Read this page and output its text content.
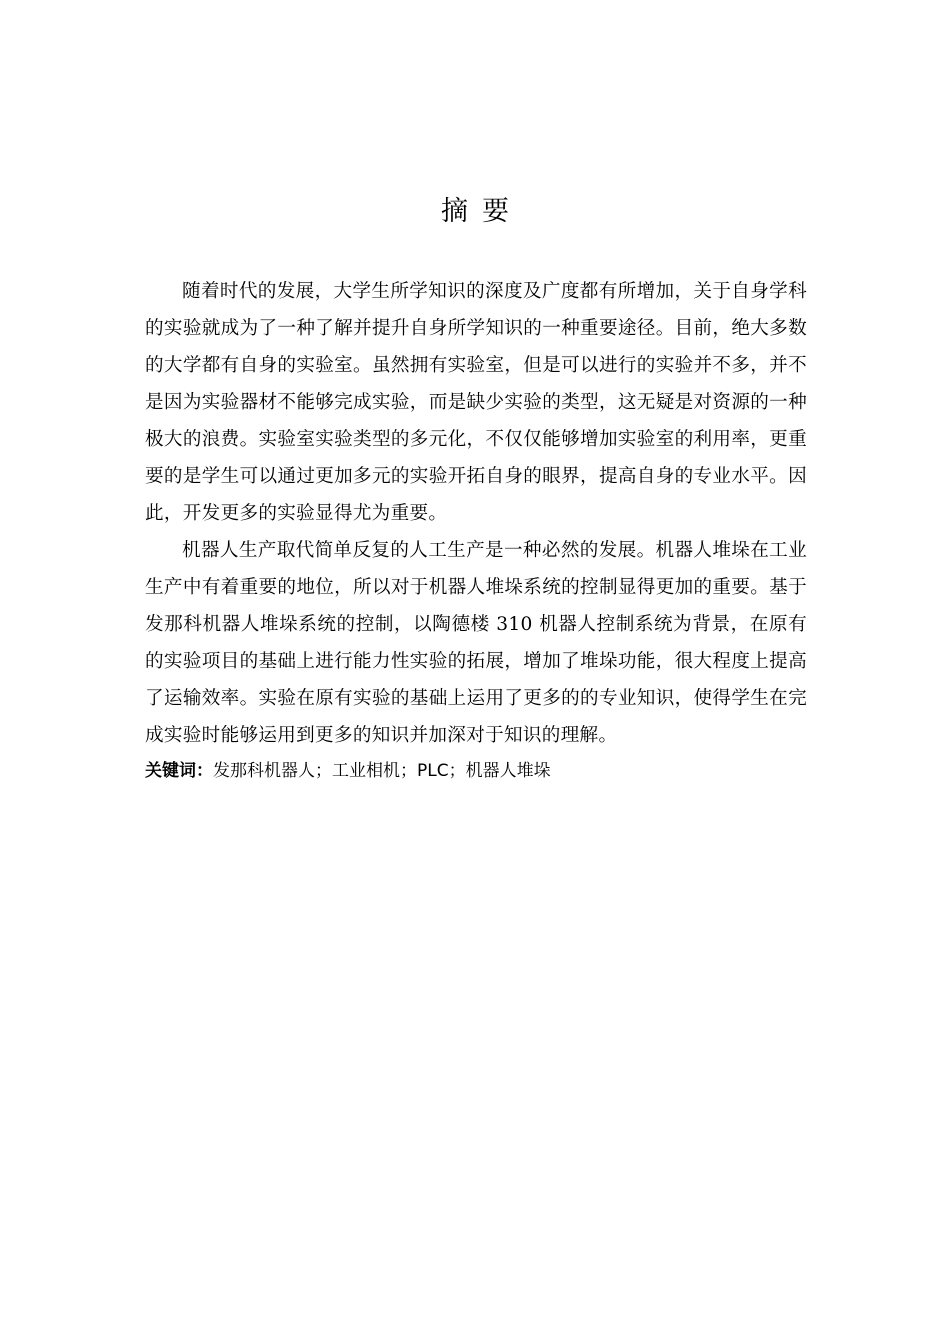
摘要

随着时代的发展，大学生所学知识的深度及广度都有所增加，关于自身学科的实验就成为了一种了解并提升自身所学知识的一种重要途径。目前，绝大多数的大学都有自身的实验室。虽然拥有实验室，但是可以进行的实验并不多，并不是因为实验器材不能够完成实验，而是缺少实验的类型，这无疑是对资源的一种极大的浪费。实验室实验类型的多元化，不仅仅能够增加实验室的利用率，更重要的是学生可以通过更加多元的实验开拓自身的眼界，提高自身的专业水平。因此，开发更多的实验显得尤为重要。

机器人生产取代简单反复的人工生产是一种必然的发展。机器人堆垛在工业生产中有着重要的地位，所以对于机器人堆垛系统的控制显得更加的重要。基于发那科机器人堆垛系统的控制，以陶德楼 310 机器人控制系统为背景，在原有的实验项目的基础上进行能力性实验的拓展，增加了堆垛功能，很大程度上提高了运输效率。实验在原有实验的基础上运用了更多的的专业知识，使得学生在完成实验时能够运用到更多的知识并加深对于知识的理解。

关键词：发那科机器人；工业相机；PLC；机器人堆垛
